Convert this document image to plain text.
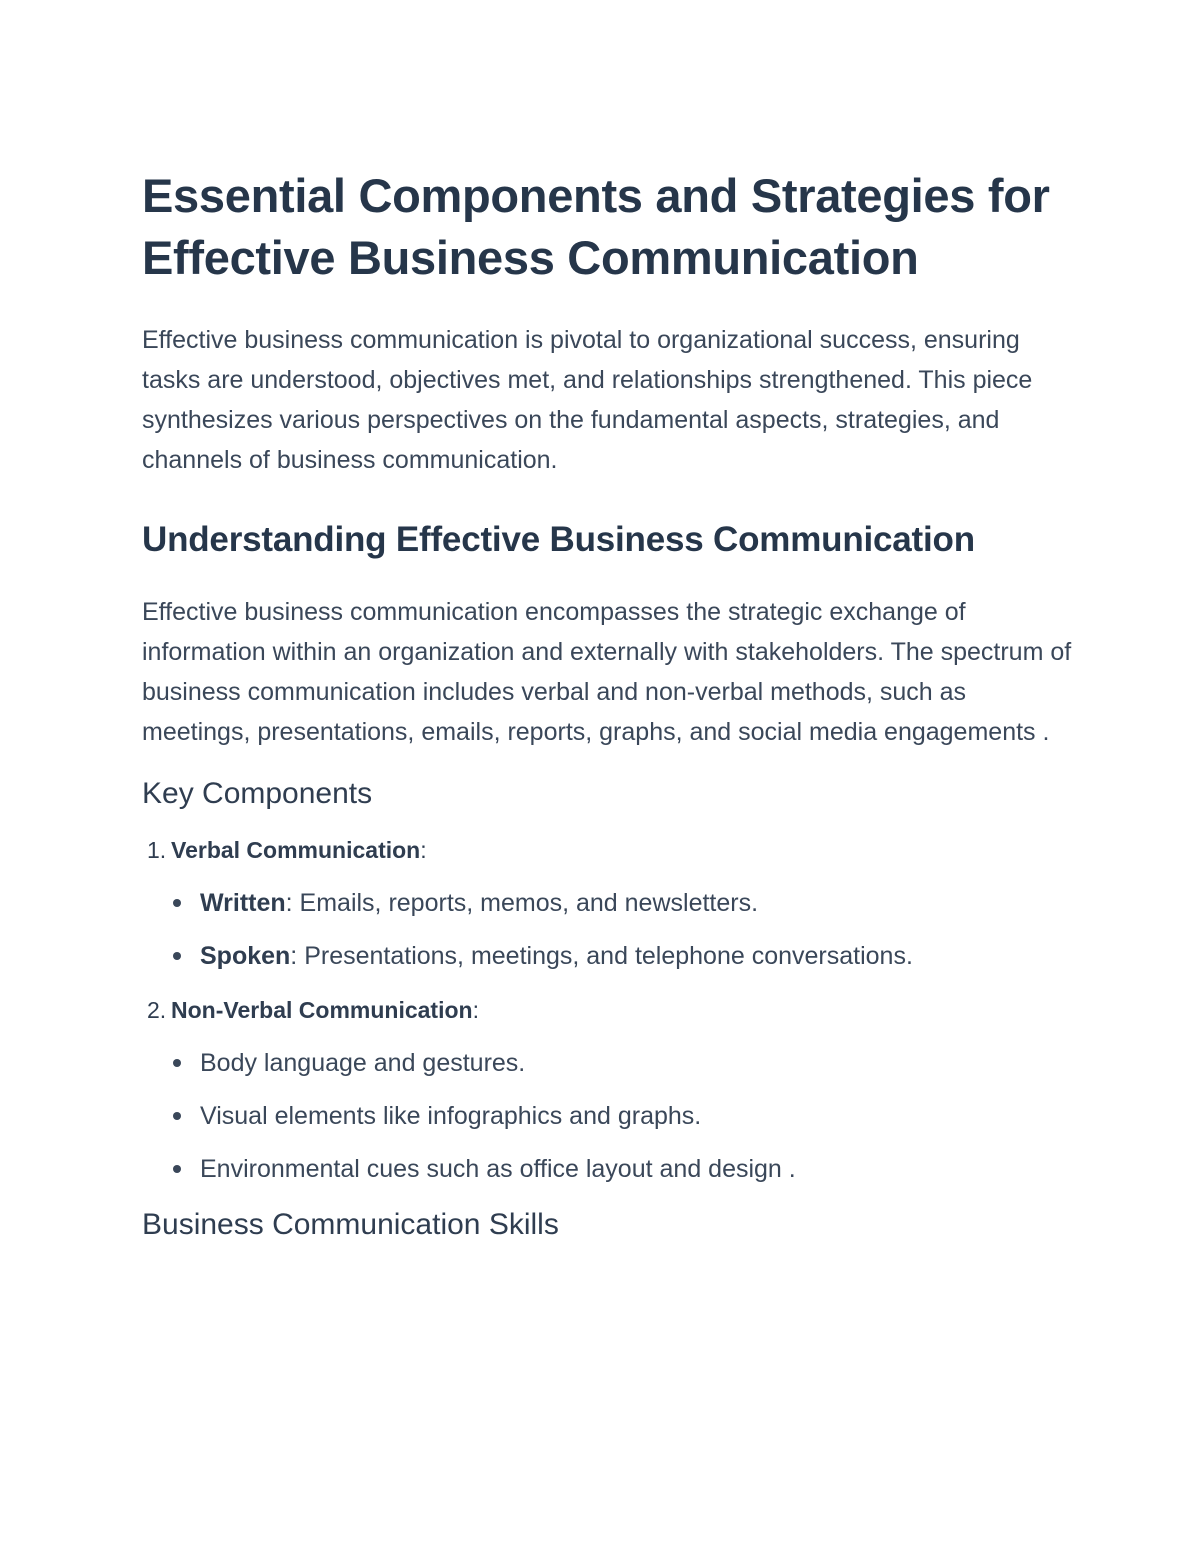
Essential Components and Strategies for Effective Business Communication

Effective business communication is pivotal to organizational success, ensuring tasks are understood, objectives met, and relationships strengthened. This piece synthesizes various perspectives on the fundamental aspects, strategies, and channels of business communication.

Understanding Effective Business Communication

Effective business communication encompasses the strategic exchange of information within an organization and externally with stakeholders. The spectrum of business communication includes verbal and non-verbal methods, such as meetings, presentations, emails, reports, graphs, and social media engagements .

Key Components
1. Verbal Communication:
Written: Emails, reports, memos, and newsletters.
Spoken: Presentations, meetings, and telephone conversations.
2. Non-Verbal Communication:
Body language and gestures.
Visual elements like infographics and graphs.
Environmental cues such as office layout and design .
Business Communication Skills
